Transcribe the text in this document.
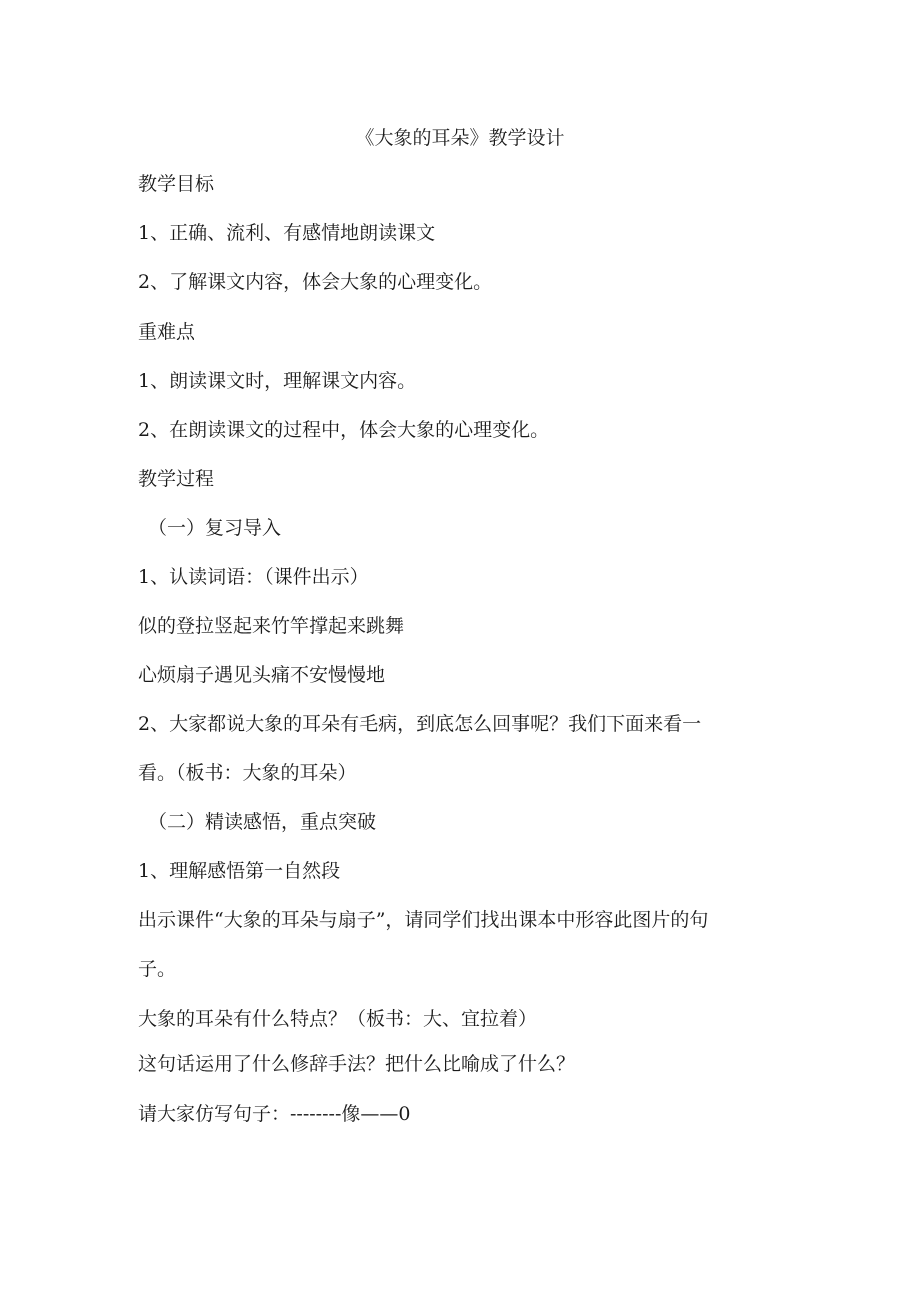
《大象的耳朵》教学设计
教学目标
1、正确、流利、有感情地朗读课文
2、了解课文内容，体会大象的心理变化。
重难点
1、朗读课文时，理解课文内容。
2、在朗读课文的过程中，体会大象的心理变化。
教学过程
（一）复习导入
1、认读词语：（课件出示）
似的登拉竖起来竹竿撑起来跳舞
心烦扇子遇见头痛不安慢慢地
2、大家都说大象的耳朵有毛病，到底怎么回事呢？我们下面来看一
看。（板书：大象的耳朵）
（二）精读感悟，重点突破
1、理解感悟第一自然段
出示课件“大象的耳朵与扇子”，请同学们找出课本中形容此图片的句
子。
大象的耳朵有什么特点？（板书：大、宜拉着）
这句话运用了什么修辞手法？把什么比喻成了什么？
请大家仿写句子：--------像——0
